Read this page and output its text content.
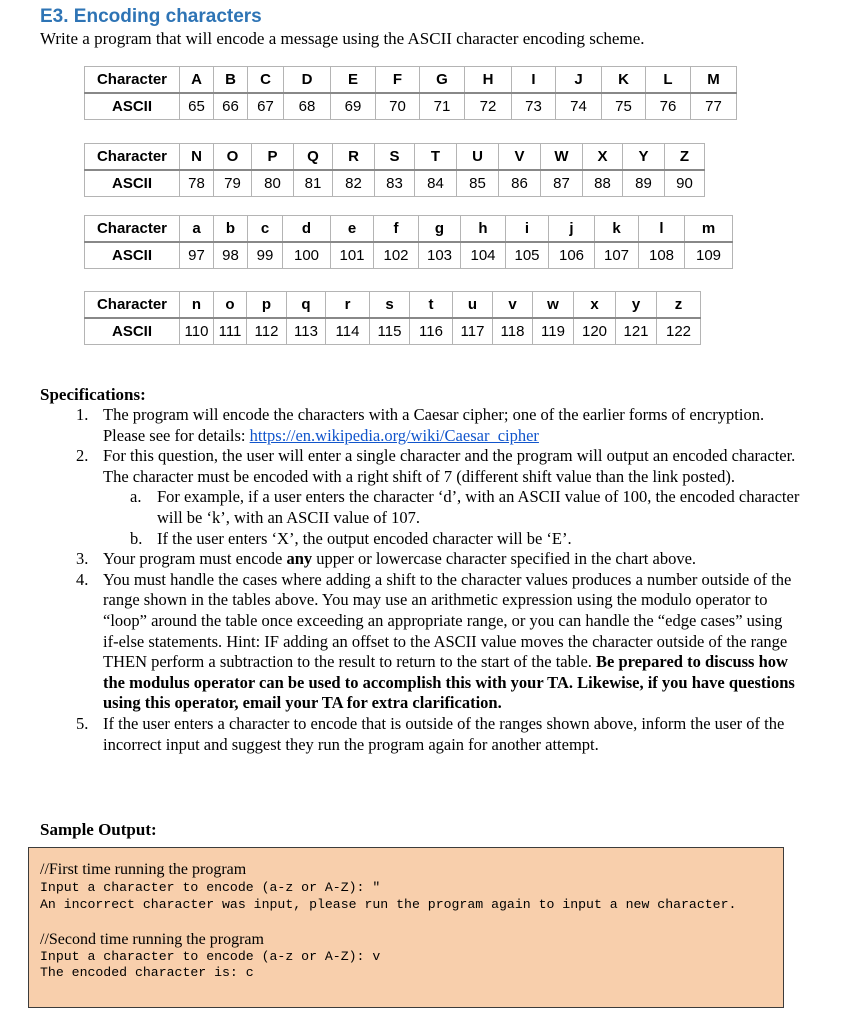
E3. Encoding characters
Write a program that will encode a message using the ASCII character encoding scheme.
Character	A	B	C	D	E	F	G	H	I	J	K	L	M
ASCII	65	66	67	68	69	70	71	72	73	74	75	76	77
Character	N	O	P	Q	R	S	T	U	V	W	X	Y	Z
ASCII	78	79	80	81	82	83	84	85	86	87	88	89	90
Character	a	b	c	d	e	f	g	h	i	j	k	l	m
ASCII	97	98	99	100	101	102	103	104	105	106	107	108	109
Character	n	o	p	q	r	s	t	u	v	w	x	y	z
ASCII	110	111	112	113	114	115	116	117	118	119	120	121	122
Specifications:
1. The program will encode the characters with a Caesar cipher; one of the earlier forms of encryption. Please see for details: https://en.wikipedia.org/wiki/Caesar_cipher
2. For this question, the user will enter a single character and the program will output an encoded character. The character must be encoded with a right shift of 7 (different shift value than the link posted).
a. For example, if a user enters the character ‘d’, with an ASCII value of 100, the encoded character will be ‘k’, with an ASCII value of 107.
b. If the user enters ‘X’, the output encoded character will be ‘E’.
3. Your program must encode any upper or lowercase character specified in the chart above.
4. You must handle the cases where adding a shift to the character values produces a number outside of the range shown in the tables above. You may use an arithmetic expression using the modulo operator to “loop” around the table once exceeding an appropriate range, or you can handle the “edge cases” using if-else statements. Hint: IF adding an offset to the ASCII value moves the character outside of the range THEN perform a subtraction to the result to return to the start of the table. Be prepared to discuss how the modulus operator can be used to accomplish this with your TA. Likewise, if you have questions using this operator, email your TA for extra clarification.
5. If the user enters a character to encode that is outside of the ranges shown above, inform the user of the incorrect input and suggest they run the program again for another attempt.
Sample Output:
//First time running the program
Input a character to encode (a-z or A-Z): "
An incorrect character was input, please run the program again to input a new character.
//Second time running the program
Input a character to encode (a-z or A-Z): v
The encoded character is: c
